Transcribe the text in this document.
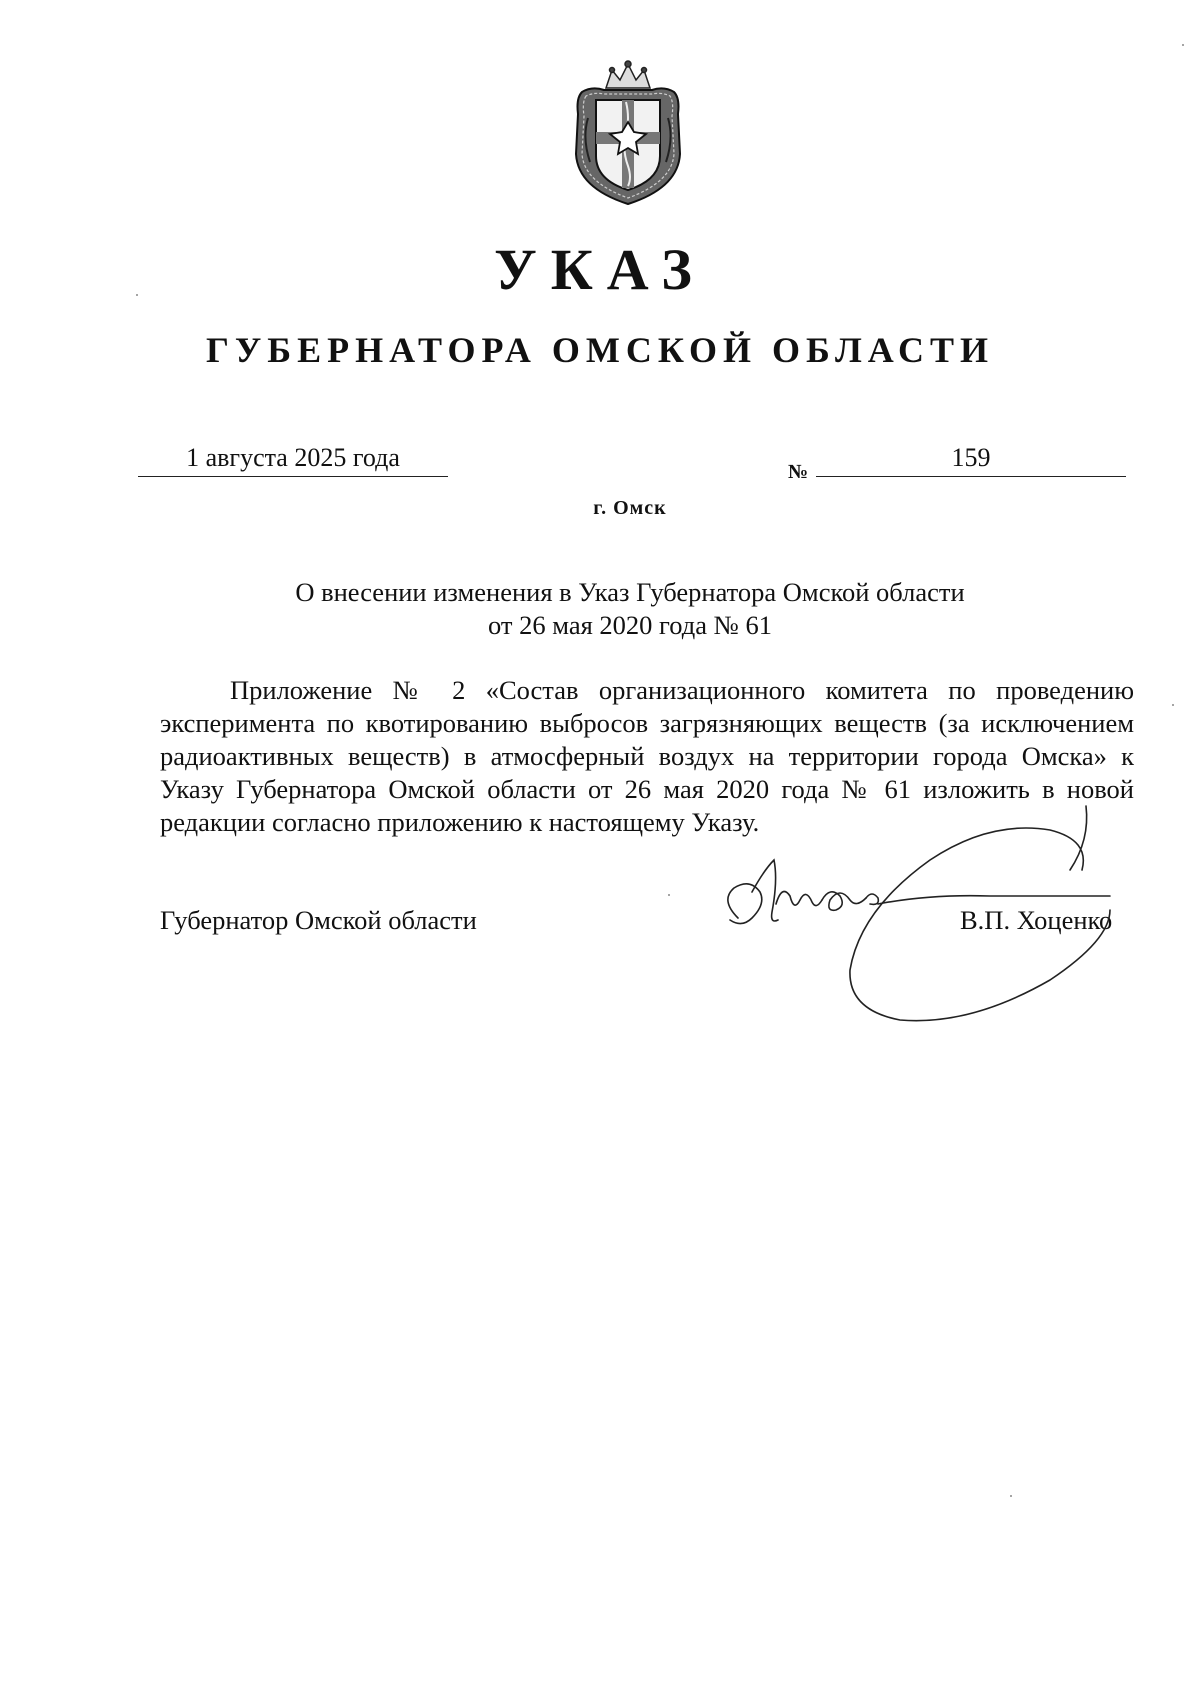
УКАЗ
ГУБЕРНАТОРА ОМСКОЙ ОБЛАСТИ
1 августа 2025 года	№	159
г. Омск
О внесении изменения в Указ Губернатора Омской области
от 26 мая 2020 года № 61

Приложение № 2 «Состав организационного комитета по проведению эксперимента по квотированию выбросов загрязняющих веществ (за исключением радиоактивных веществ) в атмосферный воздух на территории города Омска» к Указу Губернатора Омской области от 26 мая 2020 года № 61 изложить в новой редакции согласно приложению к настоящему Указу.

Губернатор Омской области	В.П. Хоценко
